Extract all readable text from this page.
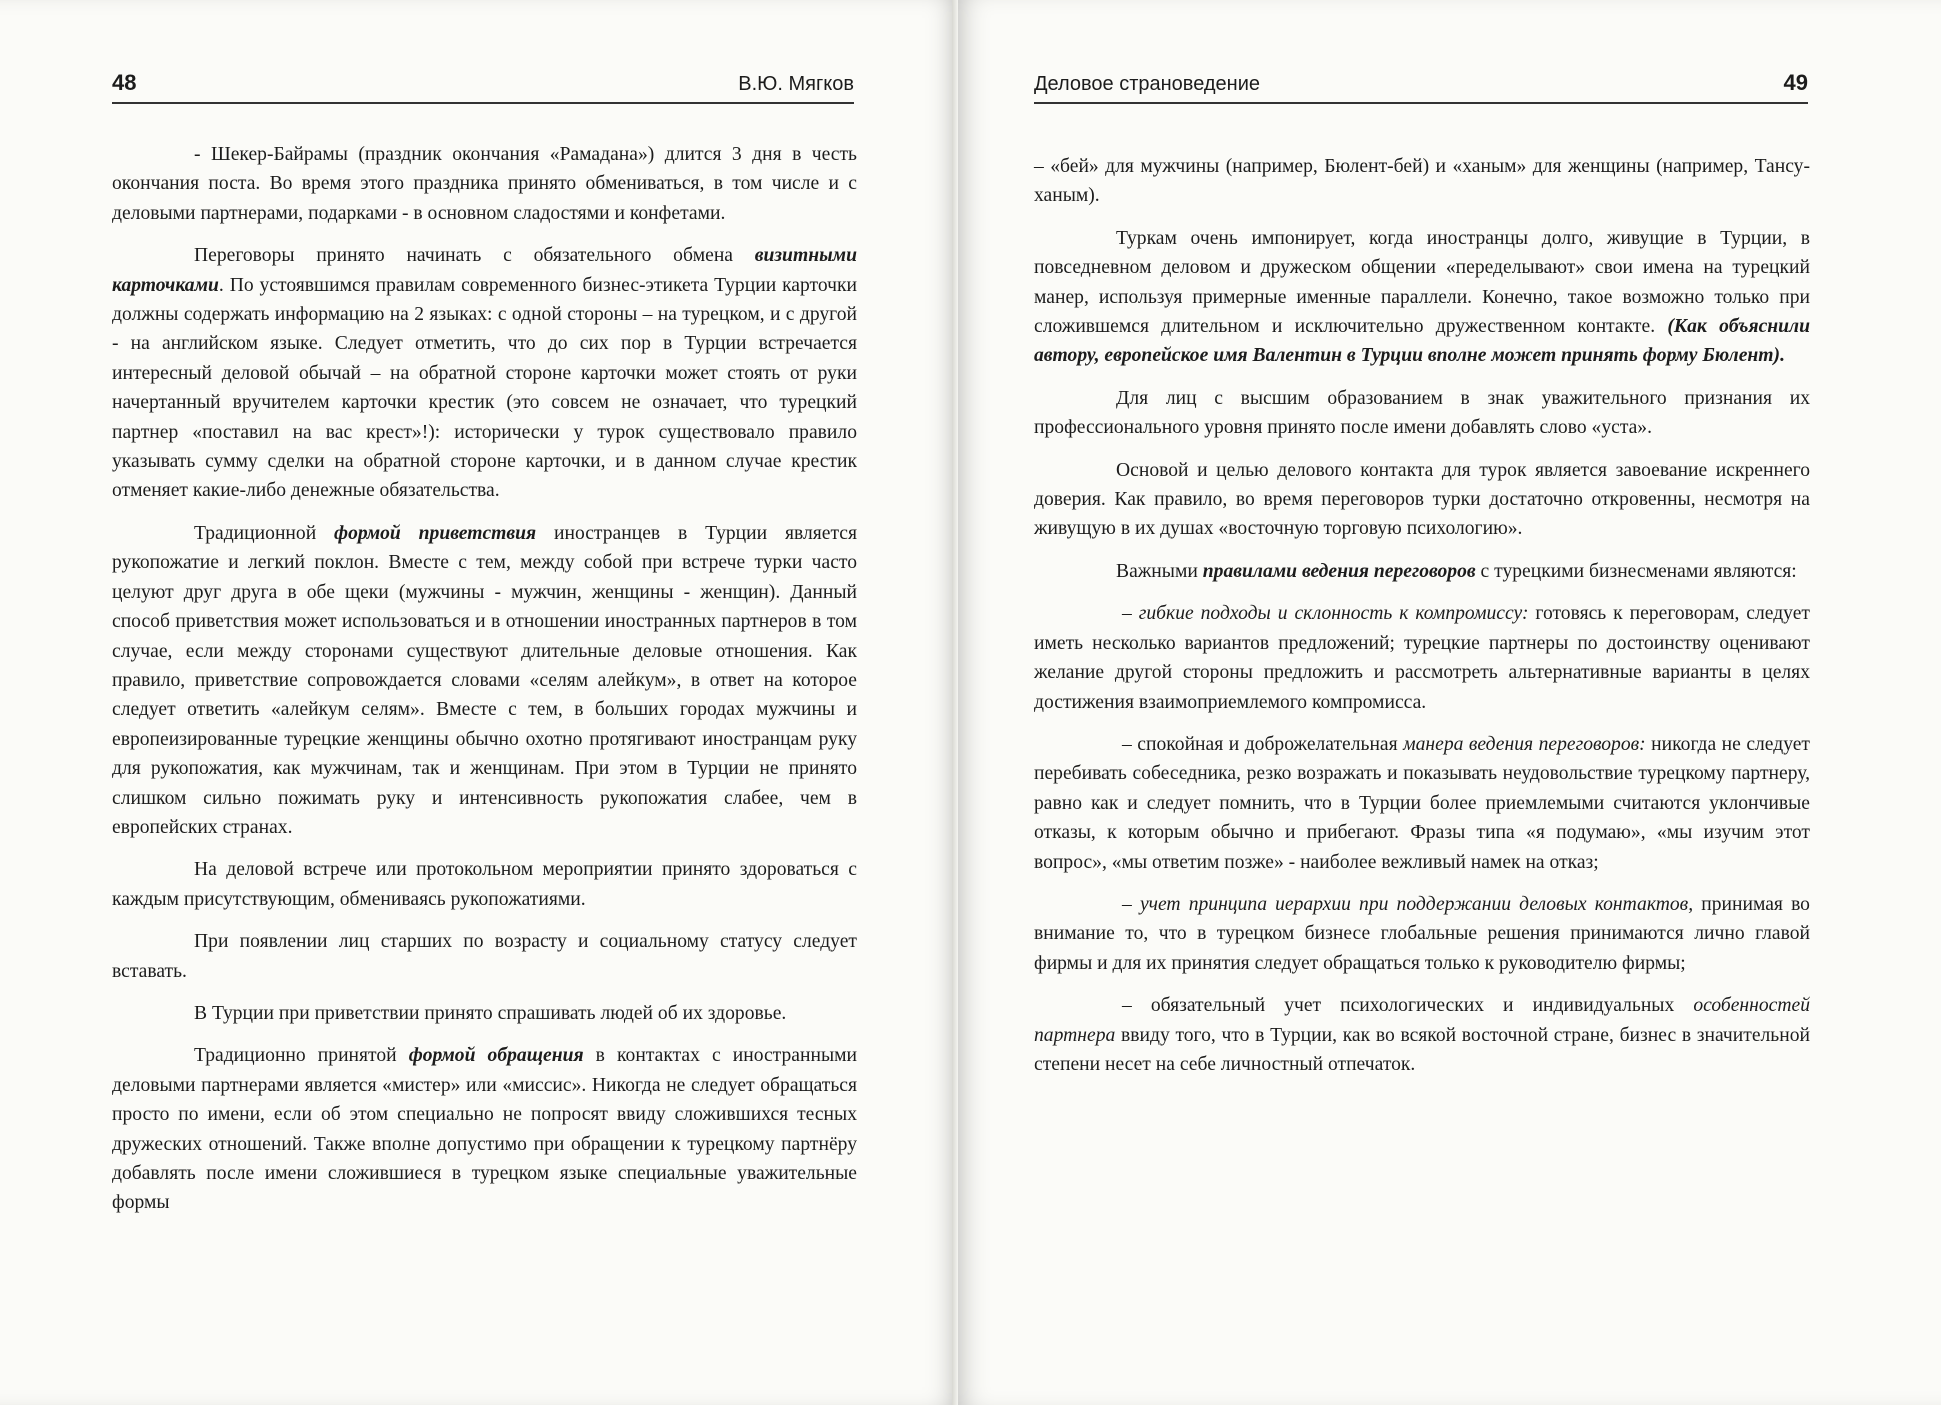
48	В.Ю. Мягков

- Шекер-Байрамы (праздник окончания «Рамадана») длится 3 дня в честь окончания поста. Во время этого праздника принято обмениваться, в том числе и с деловыми партнерами, подарками - в основном сладостями и конфетами.

Переговоры принято начинать с обязательного обмена визитными карточками. По устоявшимся правилам современного бизнес-этикета Турции карточки должны содержать информацию на 2 языках: с одной стороны – на турецком, и с другой - на английском языке. Следует отметить, что до сих пор в Турции встречается интересный деловой обычай – на обратной стороне карточки может стоять от руки начертанный вручителем карточки крестик (это совсем не означает, что турецкий партнер «поставил на вас крест»!): исторически у турок существовало правило указывать сумму сделки на обратной стороне карточки, и в данном случае крестик отменяет какие-либо денежные обязательства.

Традиционной формой приветствия иностранцев в Турции является рукопожатие и легкий поклон. Вместе с тем, между собой при встрече турки часто целуют друг друга в обе щеки (мужчины - мужчин, женщины - женщин). Данный способ приветствия может использоваться и в отношении иностранных партнеров в том случае, если между сторонами существуют длительные деловые отношения. Как правило, приветствие сопровождается словами «селям алейкум», в ответ на которое следует ответить «алейкум селям». Вместе с тем, в больших городах мужчины и европеизированные турецкие женщины обычно охотно протягивают иностранцам руку для рукопожатия, как мужчинам, так и женщинам. При этом в Турции не принято слишком сильно пожимать руку и интенсивность рукопожатия слабее, чем в европейских странах.

На деловой встрече или протокольном мероприятии принято здороваться с каждым присутствующим, обмениваясь рукопожатиями.

При появлении лиц старших по возрасту и социальному статусу следует вставать.

В Турции при приветствии принято спрашивать людей об их здоровье.

Традиционно принятой формой обращения в контактах с иностранными деловыми партнерами является «мистер» или «миссис». Никогда не следует обращаться просто по имени, если об этом специально не попросят ввиду сложившихся тесных дружеских отношений. Также вполне допустимо при обращении к турецкому партнёру добавлять после имени сложившиеся в турецком языке специальные уважительные формы

Деловое страноведение	49

– «бей» для мужчины (например, Бюлент-бей) и «ханым» для женщины (например, Тансу-ханым).

Туркам очень импонирует, когда иностранцы долго, живущие в Турции, в повседневном деловом и дружеском общении «переделывают» свои имена на турецкий манер, используя примерные именные параллели. Конечно, такое возможно только при сложившемся длительном и исключительно дружественном контакте. (Как объяснили автору, европейское имя Валентин в Турции вполне может принять форму Бюлент).

Для лиц с высшим образованием в знак уважительного признания их профессионального уровня принято после имени добавлять слово «уста».

Основой и целью делового контакта для турок является завоевание искреннего доверия. Как правило, во время переговоров турки достаточно откровенны, несмотря на живущую в их душах «восточную торговую психологию».

Важными правилами ведения переговоров с турецкими бизнесменами являются:

– гибкие подходы и склонность к компромиссу: готовясь к переговорам, следует иметь несколько вариантов предложений; турецкие партнеры по достоинству оценивают желание другой стороны предложить и рассмотреть альтернативные варианты в целях достижения взаимоприемлемого компромисса.

– спокойная и доброжелательная манера ведения переговоров: никогда не следует перебивать собеседника, резко возражать и показывать неудовольствие турецкому партнеру, равно как и следует помнить, что в Турции более приемлемыми считаются уклончивые отказы, к которым обычно и прибегают. Фразы типа «я подумаю», «мы изучим этот вопрос», «мы ответим позже» - наиболее вежливый намек на отказ;

– учет принципа иерархии при поддержании деловых контактов, принимая во внимание то, что в турецком бизнесе глобальные решения принимаются лично главой фирмы и для их принятия следует обращаться только к руководителю фирмы;

– обязательный учет психологических и индивидуальных особенностей партнера ввиду того, что в Турции, как во всякой восточной стране, бизнес в значительной степени несет на себе личностный отпечаток.
